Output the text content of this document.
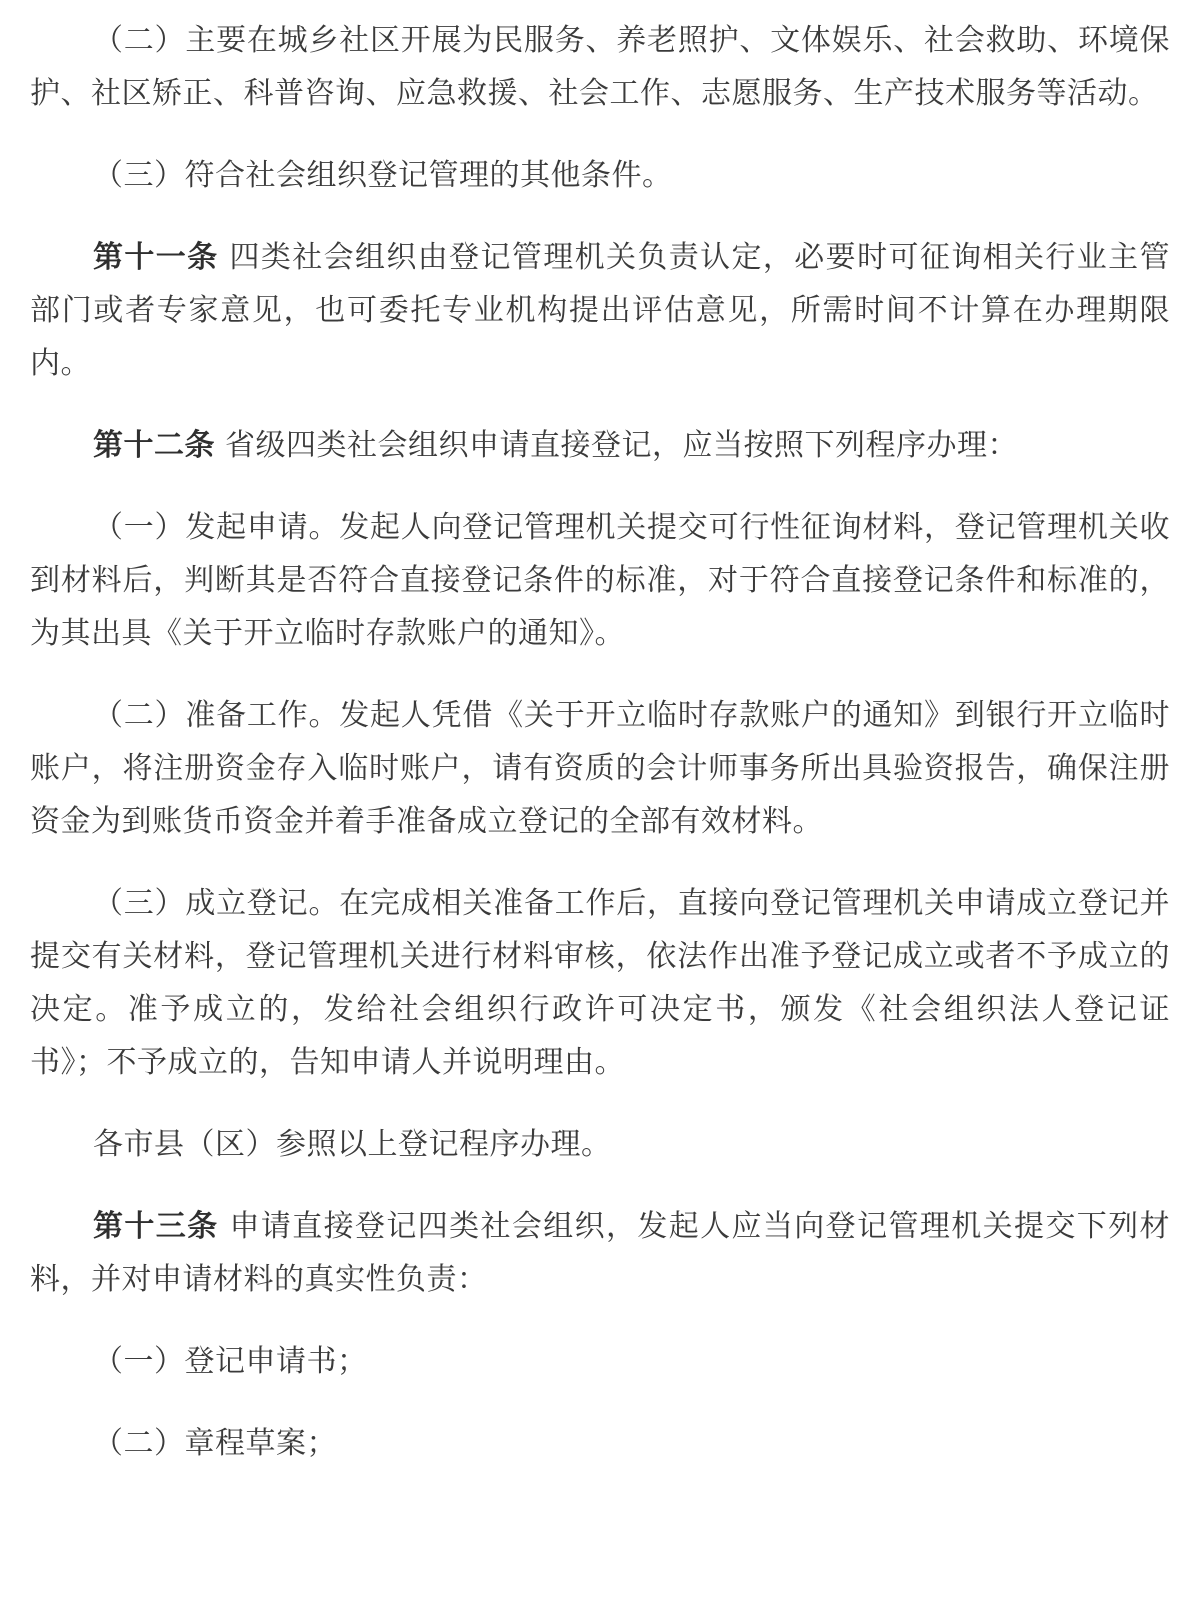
（二）主要在城乡社区开展为民服务、养老照护、文体娱乐、社会救助、环境保护、社区矫正、科普咨询、应急救援、社会工作、志愿服务、生产技术服务等活动。

（三）符合社会组织登记管理的其他条件。

第十一条 四类社会组织由登记管理机关负责认定，必要时可征询相关行业主管部门或者专家意见，也可委托专业机构提出评估意见，所需时间不计算在办理期限内。

第十二条 省级四类社会组织申请直接登记，应当按照下列程序办理：

（一）发起申请。发起人向登记管理机关提交可行性征询材料，登记管理机关收到材料后，判断其是否符合直接登记条件的标准，对于符合直接登记条件和标准的，为其出具《关于开立临时存款账户的通知》。

（二）准备工作。发起人凭借《关于开立临时存款账户的通知》到银行开立临时账户，将注册资金存入临时账户，请有资质的会计师事务所出具验资报告，确保注册资金为到账货币资金并着手准备成立登记的全部有效材料。

（三）成立登记。在完成相关准备工作后，直接向登记管理机关申请成立登记并提交有关材料，登记管理机关进行材料审核，依法作出准予登记成立或者不予成立的决定。准予成立的，发给社会组织行政许可决定书，颁发《社会组织法人登记证书》；不予成立的，告知申请人并说明理由。

各市县（区）参照以上登记程序办理。

第十三条 申请直接登记四类社会组织，发起人应当向登记管理机关提交下列材料，并对申请材料的真实性负责：

（一）登记申请书；

（二）章程草案；
